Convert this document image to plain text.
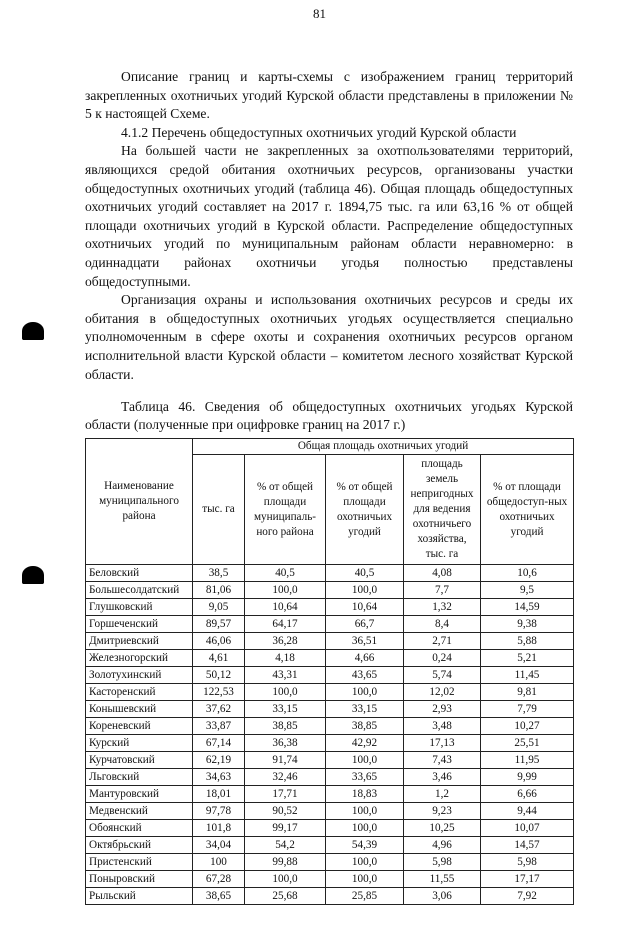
81

Описание границ и карты-схемы с изображением границ территорий закрепленных охотничьих угодий Курской области представлены в приложении № 5 к настоящей Схеме.

4.1.2 Перечень общедоступных охотничьих угодий Курской области

На большей части не закрепленных за охотпользователями территорий, являющихся средой обитания охотничьих ресурсов, организованы участки общедоступных охотничьих угодий (таблица 46). Общая площадь общедоступных охотничьих угодий составляет на 2017 г. 1894,75 тыс. га или 63,16 % от общей площади охотничьих угодий в Курской области. Распределение общедоступных охотничьих угодий по муниципальным районам области неравномерно: в одиннадцати районах охотничьи угодья полностью представлены общедоступными.

Организация охраны и использования охотничьих ресурсов и среды их обитания в общедоступных охотничьих угодьях осуществляется специально уполномоченным в сфере охоты и сохранения охотничьих ресурсов органом исполнительной власти Курской области – комитетом лесного хозяйстват Курской области.

Таблица 46. Сведения об общедоступных охотничьих угодьях Курской области (полученные при оцифровке границ на 2017 г.)
Наименование муниципального района	Общая площадь охотничьих угодий				
	тыс. га	% от общей площади муниципаль-ного района	% от общей площади охотничьих угодий	площадь земель непригодных для ведения охотничьего хозяйства, тыс. га	% от площади общедоступ-ных охотничьих угодий
Беловский	38,5	40,5	40,5	4,08	10,6
Большесолдатский	81,06	100,0	100,0	7,7	9,5
Глушковский	9,05	10,64	10,64	1,32	14,59
Горшеченский	89,57	64,17	66,7	8,4	9,38
Дмитриевский	46,06	36,28	36,51	2,71	5,88
Железногорский	4,61	4,18	4,66	0,24	5,21
Золотухинский	50,12	43,31	43,65	5,74	11,45
Касторенский	122,53	100,0	100,0	12,02	9,81
Конышевский	37,62	33,15	33,15	2,93	7,79
Кореневский	33,87	38,85	38,85	3,48	10,27
Курский	67,14	36,38	42,92	17,13	25,51
Курчатовский	62,19	91,74	100,0	7,43	11,95
Льговский	34,63	32,46	33,65	3,46	9,99
Мантуровский	18,01	17,71	18,83	1,2	6,66
Медвенский	97,78	90,52	100,0	9,23	9,44
Обоянский	101,8	99,17	100,0	10,25	10,07
Октябрьский	34,04	54,2	54,39	4,96	14,57
Пристенский	100	99,88	100,0	5,98	5,98
Поныровский	67,28	100,0	100,0	11,55	17,17
Рыльский	38,65	25,68	25,85	3,06	7,92
